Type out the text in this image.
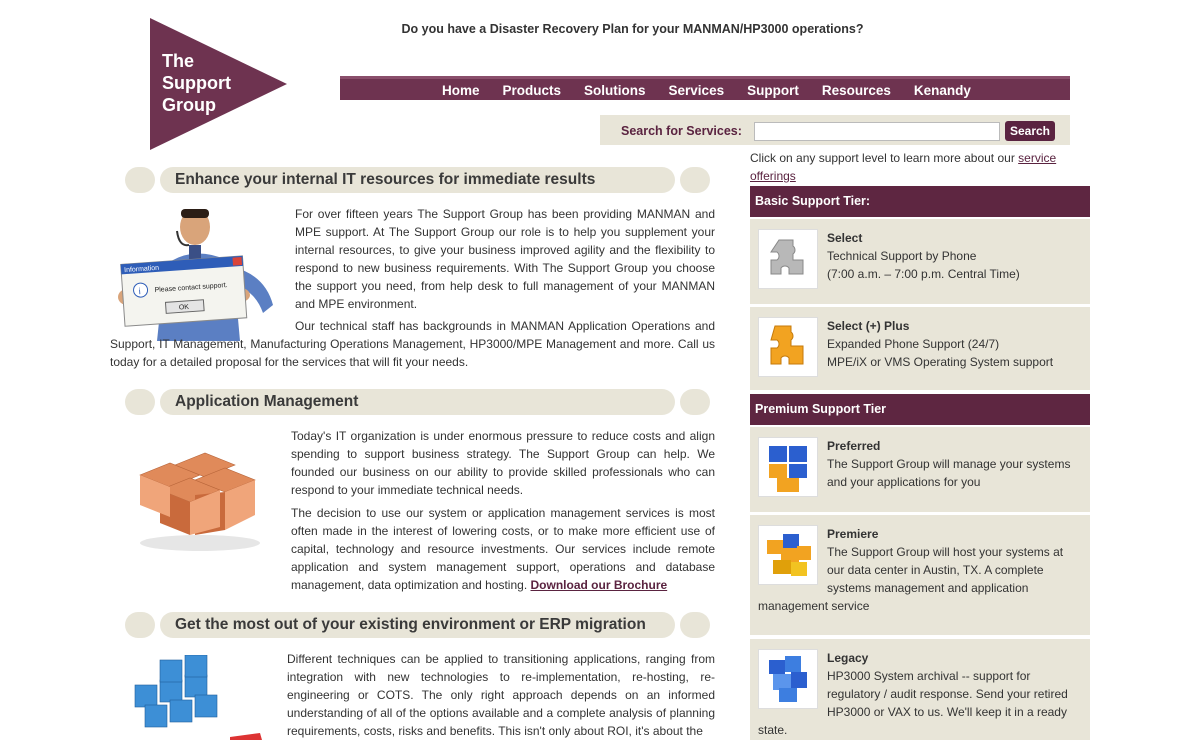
The
Support
Group
Do you have a Disaster Recovery Plan for your MANMAN/HP3000 operations?
Home Products Solutions Services Support Resources Kenandy
Search for Services:	Search
Enhance your internal IT resources for immediate results
Information
i Please contact support.
OK

For over fifteen years The Support Group has been providing MANMAN and MPE support. At The Support Group our role is to help you supplement your internal resources, to give your business improved agility and the flexibility to respond to new business requirements. With The Support Group you choose the support you need, from help desk to full management of your MANMAN and MPE environment.

Our technical staff has backgrounds in MANMAN Application Operations and Support, IT Management, Manufacturing Operations Management, HP3000/MPE Management and more. Call us today for a detailed proposal for the services that will fit your needs.

Application Management

Today's IT organization is under enormous pressure to reduce costs and align spending to support business strategy. The Support Group can help. We founded our business on our ability to provide skilled professionals who can respond to your immediate technical needs.

The decision to use our system or application management services is most often made in the interest of lowering costs, or to make more efficient use of capital, technology and resource investments. Our services include remote application and system management support, operations and database management, data optimization and hosting. Download our Brochure

Get the most out of your existing environment or ERP migration

Different techniques can be applied to transitioning applications, ranging from integration with new technologies to re-implementation, re-hosting, re-engineering or COTS. The only right approach depends on an informed understanding of all of the options available and a complete analysis of planning requirements, costs, risks and benefits. This isn't only about ROI, it's about the

Click on any support level to learn more about our service offerings
Basic Support Tier:
Select
Technical Support by Phone
(7:00 a.m. – 7:00 p.m. Central Time)
Select (+) Plus
Expanded Phone Support (24/7)
MPE/iX or VMS Operating System support
Premium Support Tier
Preferred
The Support Group will manage your systems
and your applications for you
Premiere
The Support Group will host your systems at
our data center in Austin, TX. A complete
systems management and application
management service
Legacy
HP3000 System archival -- support for
regulatory / audit response. Send your retired
HP3000 or VAX to us. We'll keep it in a ready
state.
